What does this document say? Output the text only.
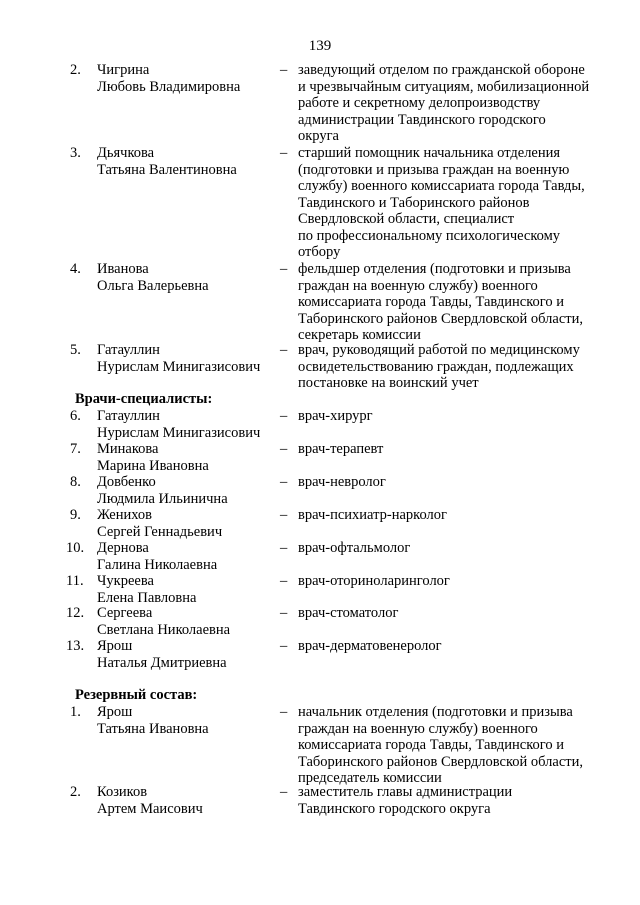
139
2.	Чигрина
Любовь Владимировна
– заведующий отделом по гражданской обороне
и чрезвычайным ситуациям, мобилизационной
работе и секретному делопроизводству
администрации Тавдинского городского
округа
3.	Дьячкова
Татьяна Валентиновна
– старший помощник начальника отделения
(подготовки и призыва граждан на военную
службу) военного комиссариата города Тавды,
Тавдинского и Таборинского районов
Свердловской области, специалист
по профессиональному психологическому
отбору
4.	Иванова
Ольга Валерьевна
– фельдшер отделения (подготовки и призыва
граждан на военную службу) военного
комиссариата города Тавды, Тавдинского и
Таборинского районов Свердловской области,
секретарь комиссии
5.	Гатауллин
Нурислам Минигазисович
– врач, руководящий работой по медицинскому
освидетельствованию граждан, подлежащих
постановке на воинский учет
Врачи-специалисты:
6.	Гатауллин
Нурислам Минигазисович
– врач-хирург
7.	Минакова
Марина Ивановна
– врач-терапевт
8.	Довбенко
Людмила Ильинична
– врач-невролог
9.	Женихов
Сергей Геннадьевич
– врач-психиатр-нарколог
10. Дернова
Галина Николаевна
– врач-офтальмолог
11. Чукреева
Елена Павловна
– врач-оториноларинголог
12. Сергеева
Светлана Николаевна
– врач-стоматолог
13. Ярош
Наталья Дмитриевна
– врач-дерматовенеролог
Резервный состав:
1.	Ярош
Татьяна Ивановна
– начальник отделения (подготовки и призыва
граждан на военную службу) военного
комиссариата города Тавды, Тавдинского и
Таборинского районов Свердловской области,
председатель комиссии
2.	Козиков
Артем Маисович
– заместитель главы администрации
Тавдинского городского округа
